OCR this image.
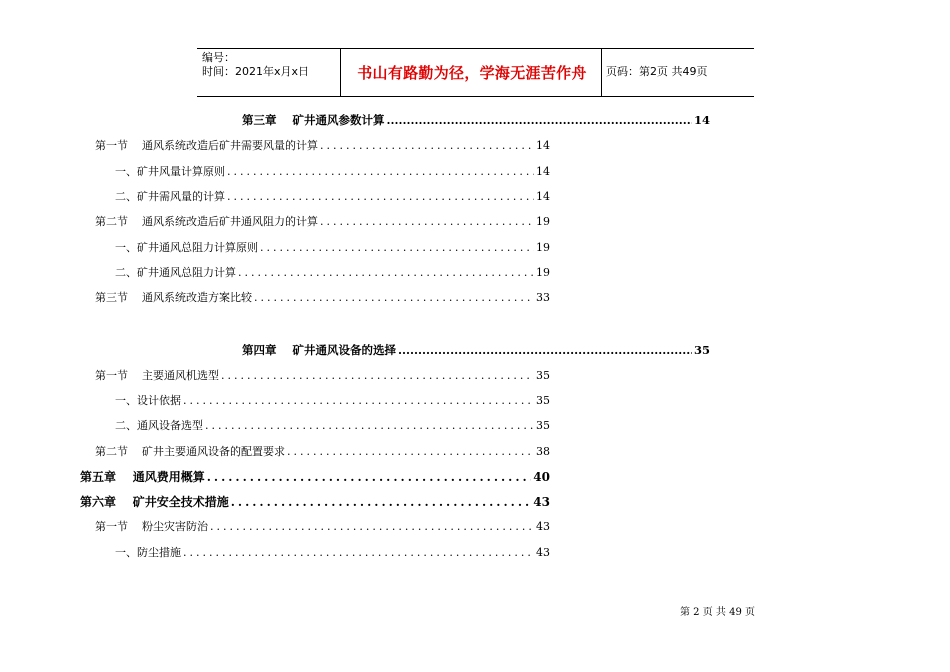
编号：
时间：2021年x月x日	书山有路勤为径，学海无涯苦作舟	页码：第2页 共49页
第三章    矿井通风参数计算 .....	14
第一节    通风系统改造后矿井需要风量的计算 .....	14
一、矿井风量计算原则 .....	14
二、矿井需风量的计算 .....	14
第二节    通风系统改造后矿井通风阻力的计算 .....	19
一、矿井通风总阻力计算原则 .....	19
二、矿井通风总阻力计算 .....	19
第三节    通风系统改造方案比较 .....	33
第四章    矿井通风设备的选择 .....	35
第一节    主要通风机选型 .....	35
一、设计依据 .....	35
二、通风设备选型 .....	35
第二节    矿井主要通风设备的配置要求 .....	38
第五章    通风费用概算 .....	40
第六章    矿井安全技术措施 .....	43
第一节    粉尘灾害防治 .....	43
一、防尘措施 .....	43
第 2 页 共 49 页
